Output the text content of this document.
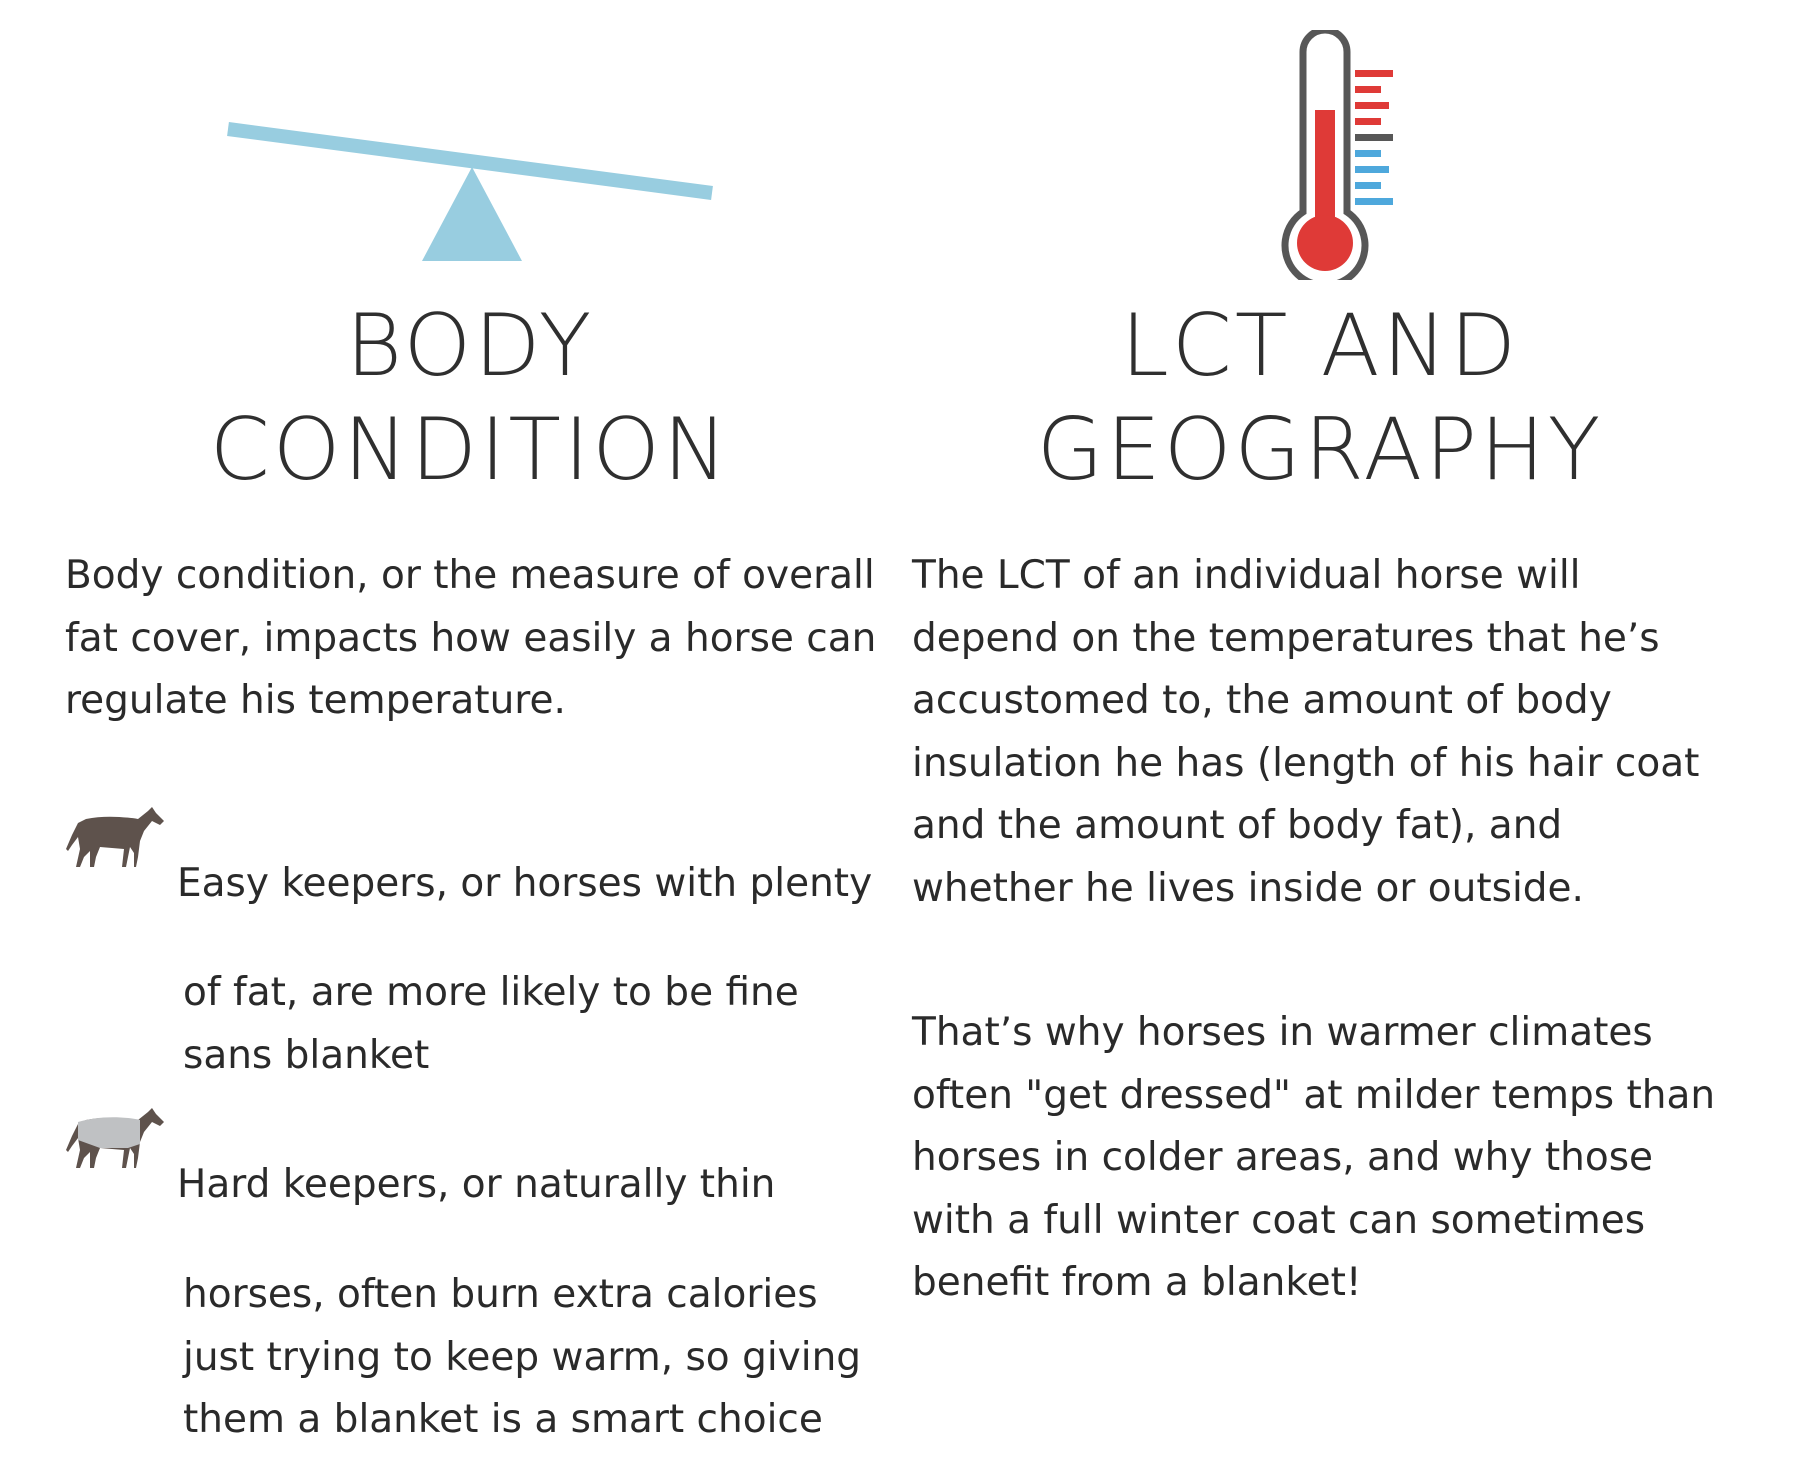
BODY
CONDITION
LCT AND
GEOGRAPHY

Body condition, or the measure of overall
fat cover, impacts how easily a horse can
regulate his temperature.

Easy keepers, or horses with plenty

of fat, are more likely to be fine
sans blanket

Hard keepers, or naturally thin

horses, often burn extra calories
just trying to keep warm, so giving
them a blanket is a smart choice

The LCT of an individual horse will
depend on the temperatures that he’s
accustomed to, the amount of body
insulation he has (length of his hair coat
and the amount of body fat), and
whether he lives inside or outside.

That’s why horses in warmer climates
often "get dressed" at milder temps than
horses in colder areas, and why those
with a full winter coat can sometimes
benefit from a blanket!
